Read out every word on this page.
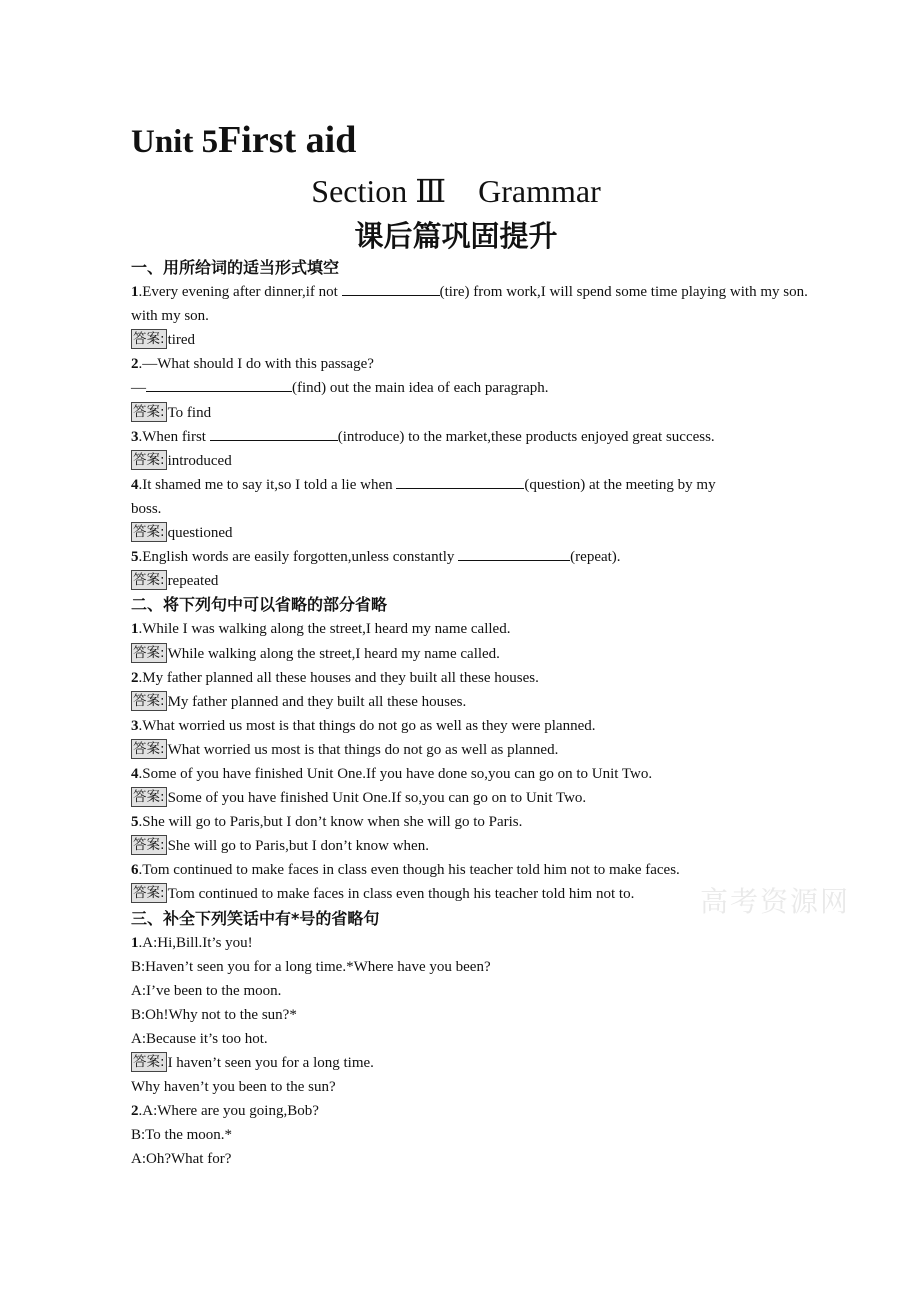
Unit 5First aid
Section Ⅲ　Grammar
课后篇巩固提升
一、用所给词的适当形式填空
1.Every evening after dinner,if not	(tire) from work,I will spend some time playing with my son.
with my son.
答案: tired
2.—What should I do with this passage?
—	(find) out the main idea of each paragraph.
答案: To find
3.When first	(introduce) to the market,these products enjoyed great success.
答案: introduced
4.It shamed me to say it,so I told a lie when	(question) at the meeting by my
boss.
答案: questioned
5.English words are easily forgotten,unless constantly	(repeat).
答案: repeated
二、将下列句中可以省略的部分省略
1.While I was walking along the street,I heard my name called.
答案: While walking along the street,I heard my name called.
2.My father planned all these houses and they built all these houses.
答案: My father planned and they built all these houses.
3.What worried us most is that things do not go as well as they were planned.
答案: What worried us most is that things do not go as well as planned.
4.Some of you have finished Unit One.If you have done so,you can go on to Unit Two.
答案: Some of you have finished Unit One.If so,you can go on to Unit Two.
5.She will go to Paris,but I don’t know when she will go to Paris.
答案: She will go to Paris,but I don’t know when.
6.Tom continued to make faces in class even though his teacher told him not to make faces.
答案: Tom continued to make faces in class even though his teacher told him not to.
三、补全下列笑话中有*号的省略句
1.A:Hi,Bill.It’s you!
B:Haven’t seen you for a long time.*Where have you been?
A:I’ve been to the moon.
B:Oh!Why not to the sun?*
A:Because it’s too hot.
答案: I haven’t seen you for a long time.
Why haven’t you been to the sun?
2.A:Where are you going,Bob?
B:To the moon.*
A:Oh?What for?
高考资源网
